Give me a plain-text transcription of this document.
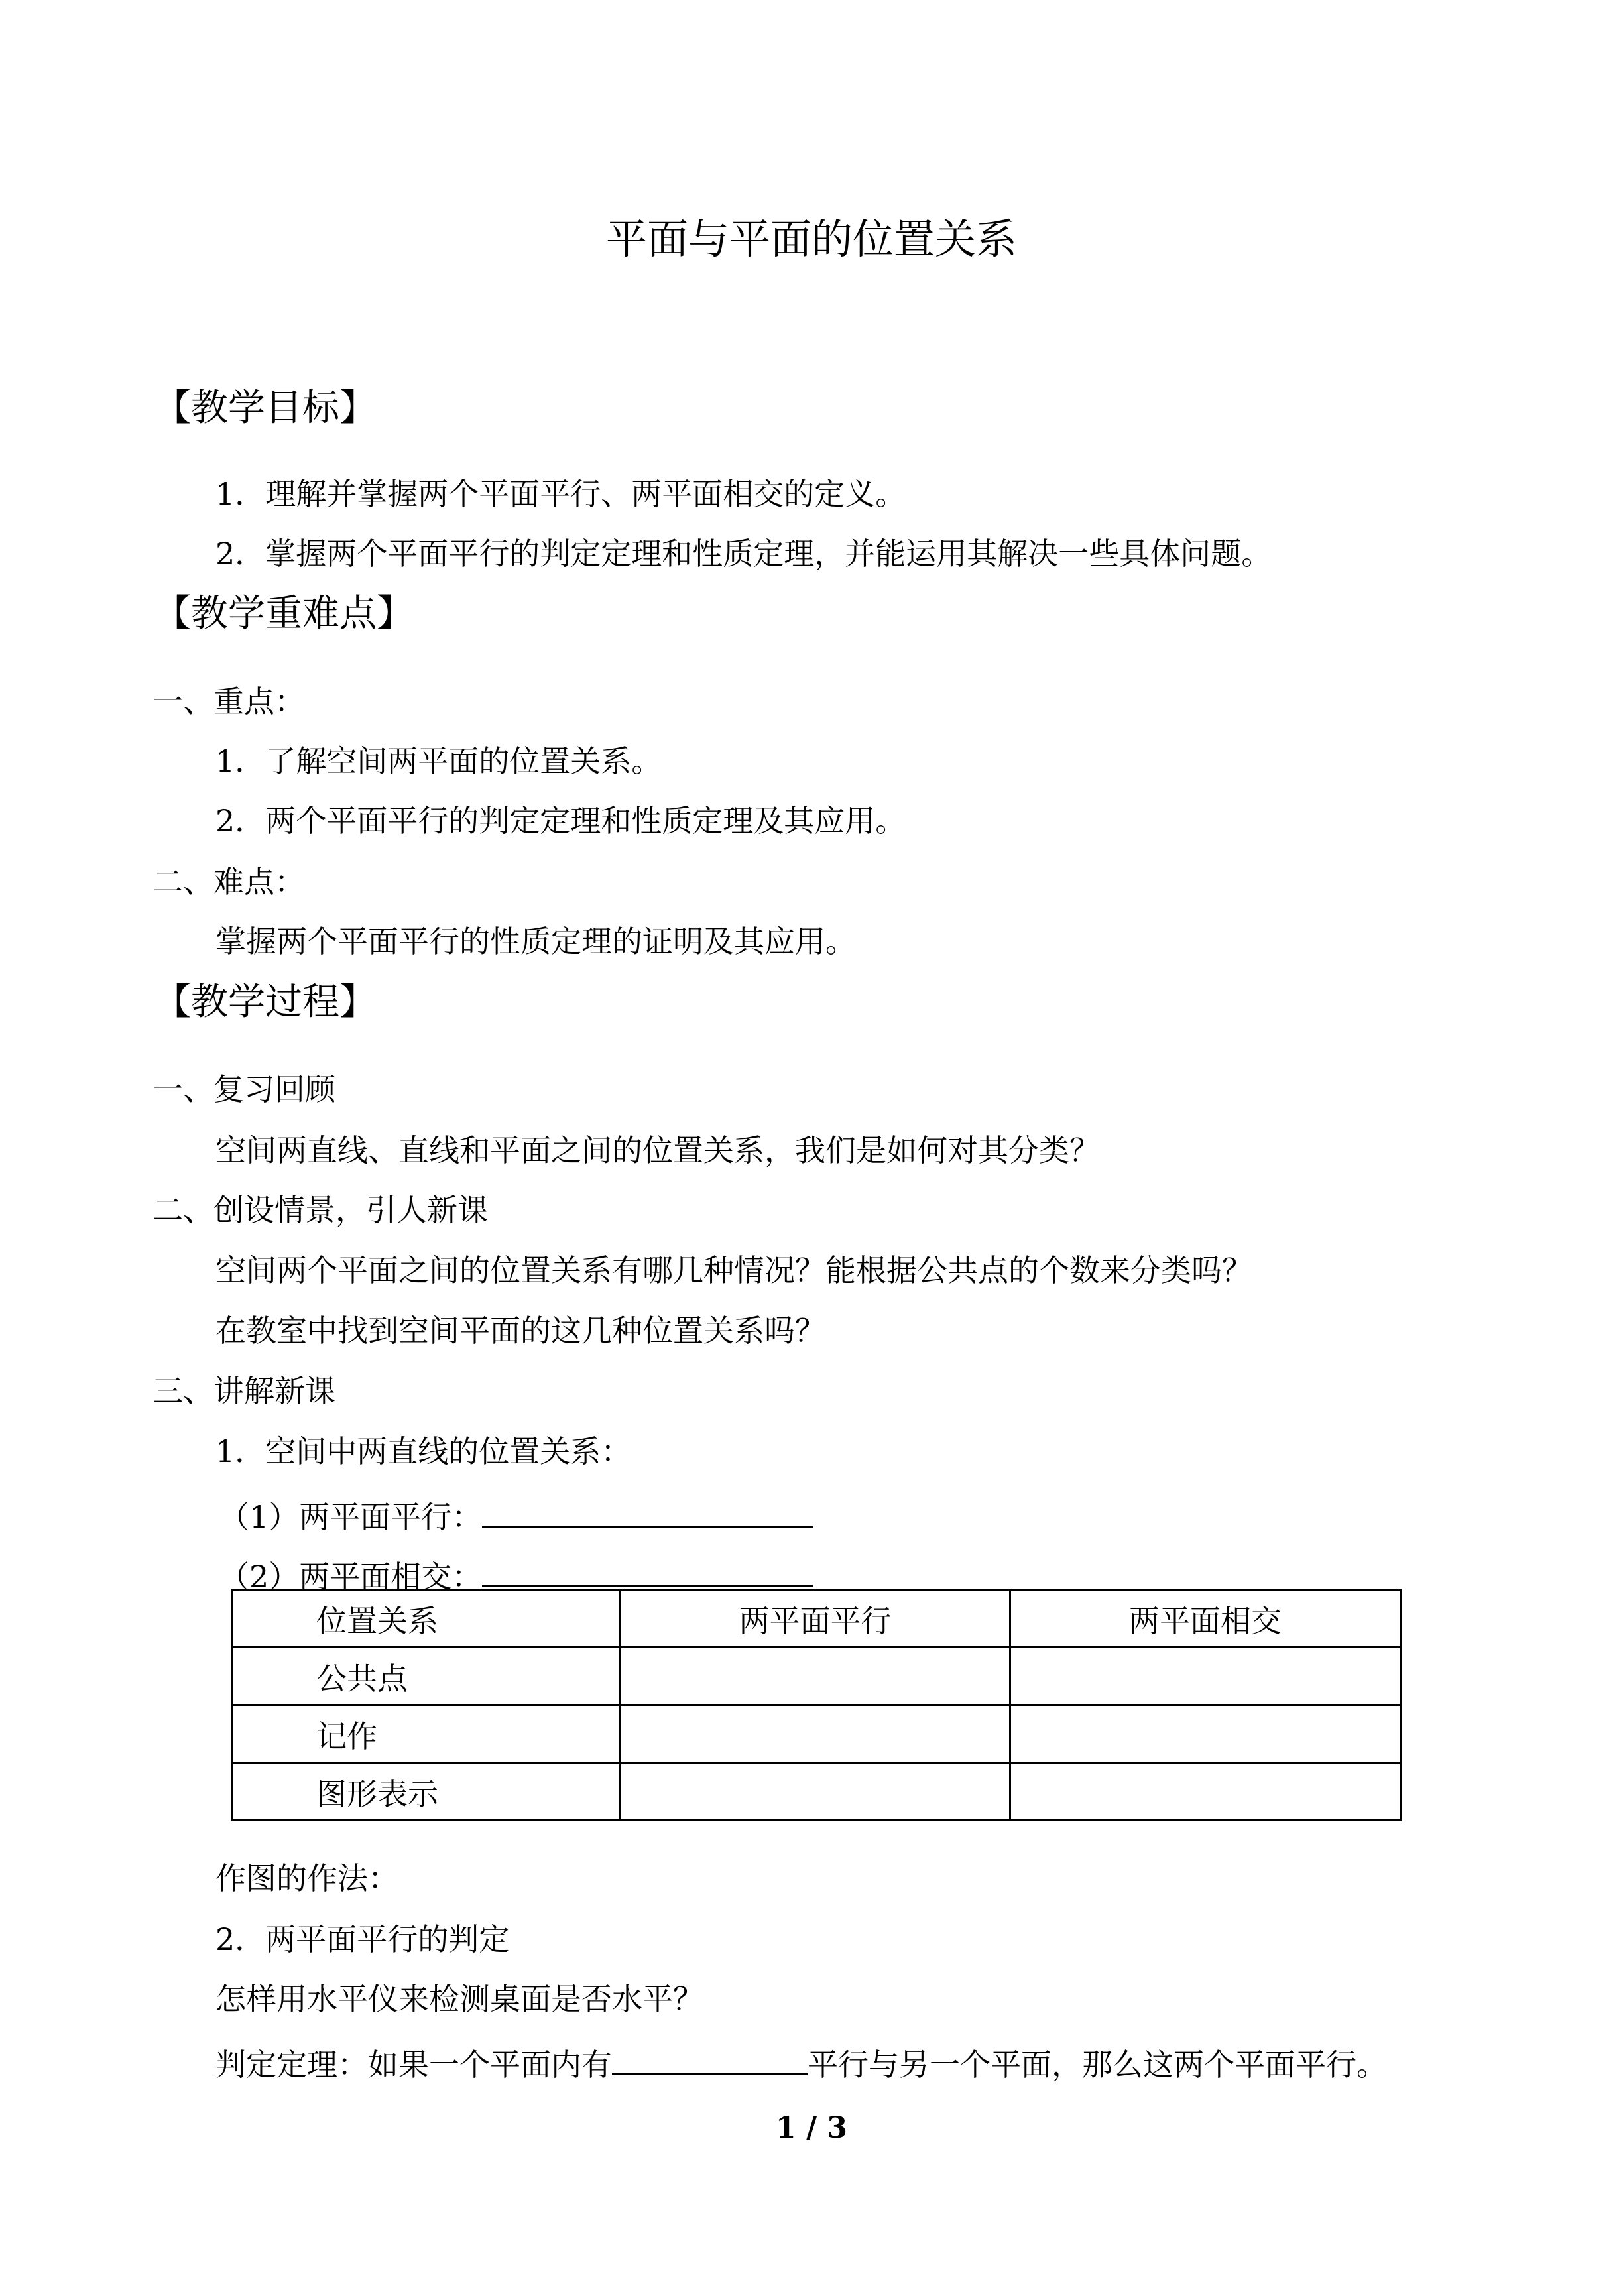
平面与平面的位置关系
【教学目标】
1．理解并掌握两个平面平行、两平面相交的定义。
2．掌握两个平面平行的判定定理和性质定理，并能运用其解决一些具体问题。
【教学重难点】
一、重点：
1．了解空间两平面的位置关系。
2．两个平面平行的判定定理和性质定理及其应用。
二、难点：
掌握两个平面平行的性质定理的证明及其应用。
【教学过程】
一、复习回顾
空间两直线、直线和平面之间的位置关系，我们是如何对其分类？
二、创设情景，引人新课
空间两个平面之间的位置关系有哪几种情况？能根据公共点的个数来分类吗？
在教室中找到空间平面的这几种位置关系吗？
三、讲解新课
1．空间中两直线的位置关系：
（1）两平面平行：
（2）两平面相交：
位置关系	两平面平行	两平面相交
公共点		
记作		
图形表示		
作图的作法：
2．两平面平行的判定
怎样用水平仪来检测桌面是否水平？
判定定理：如果一个平面内有	平行与另一个平面，那么这两个平面平行。
1 / 3
